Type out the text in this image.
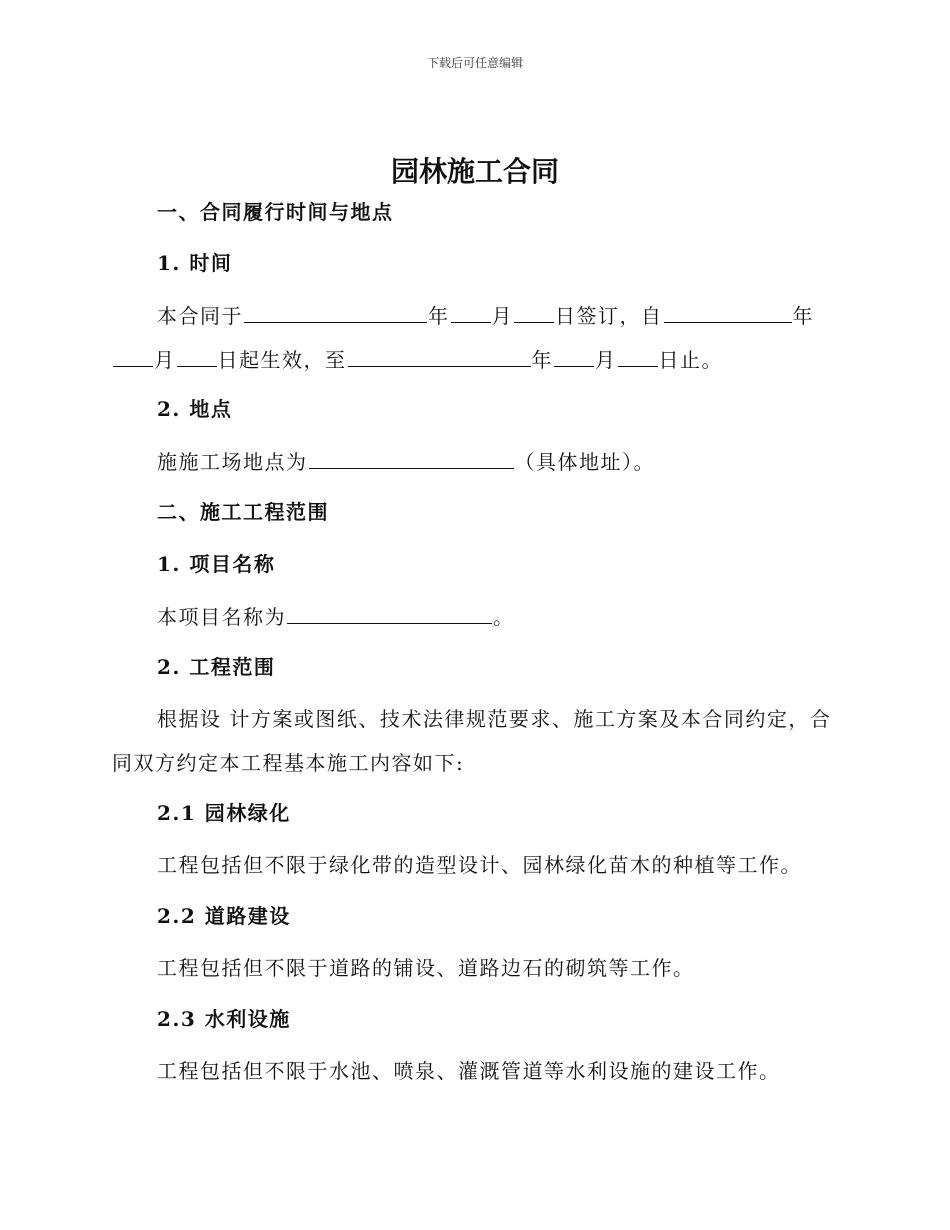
下载后可任意编辑
园林施工合同
一、合同履行时间与地点
1. 时间
本合同于	年 月 日签订，自	年
月 日起生效，至	年 月 日止。
2. 地点
施施工场地点为	（具体地址）。
二、施工工程范围
1. 项目名称
本项目名称为	。
2. 工程范围
根据设 计方案或图纸、技术法律规范要求、施工方案及本合同约定，合
同双方约定本工程基本施工内容如下:
2.1 园林绿化
工程包括但不限于绿化带的造型设计、园林绿化苗木的种植等工作。
2.2 道路建设
工程包括但不限于道路的铺设、道路边石的砌筑等工作。
2.3 水利设施
工程包括但不限于水池、喷泉、灌溉管道等水利设施的建设工作。
